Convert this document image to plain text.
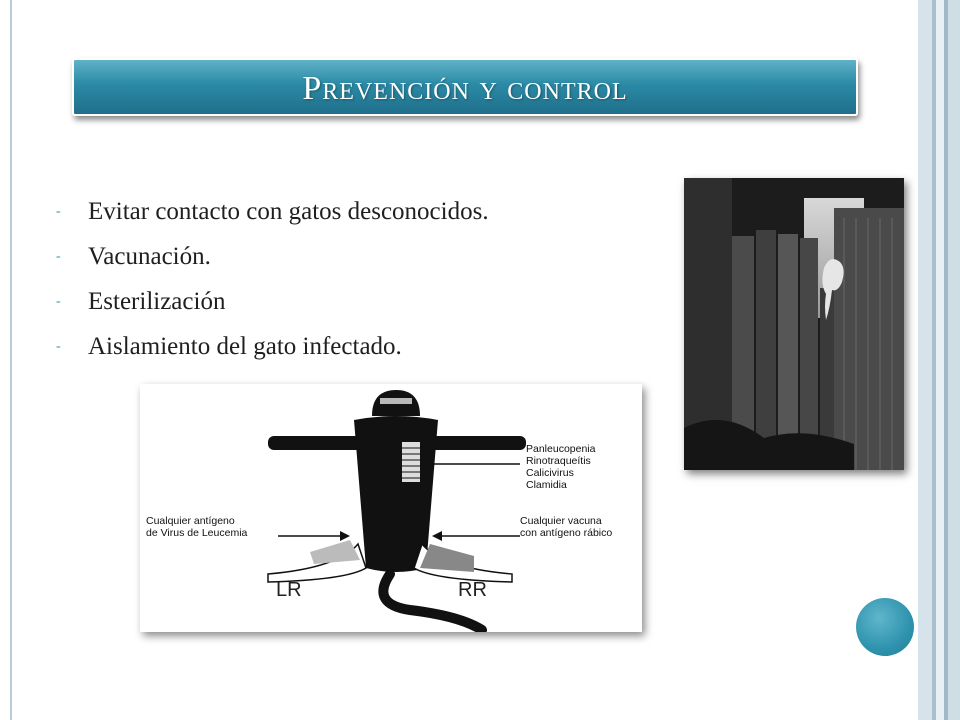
Prevención y control
- Evitar contacto con gatos desconocidos.
- Vacunación.
- Esterilización
- Aislamiento del gato infectado.
Panleucopenia
Rinotraqueítis
Calicivirus
Clamidia
Cualquier antígeno
de Virus de Leucemia
Cualquier vacuna
con antígeno rábico
LR	RR
